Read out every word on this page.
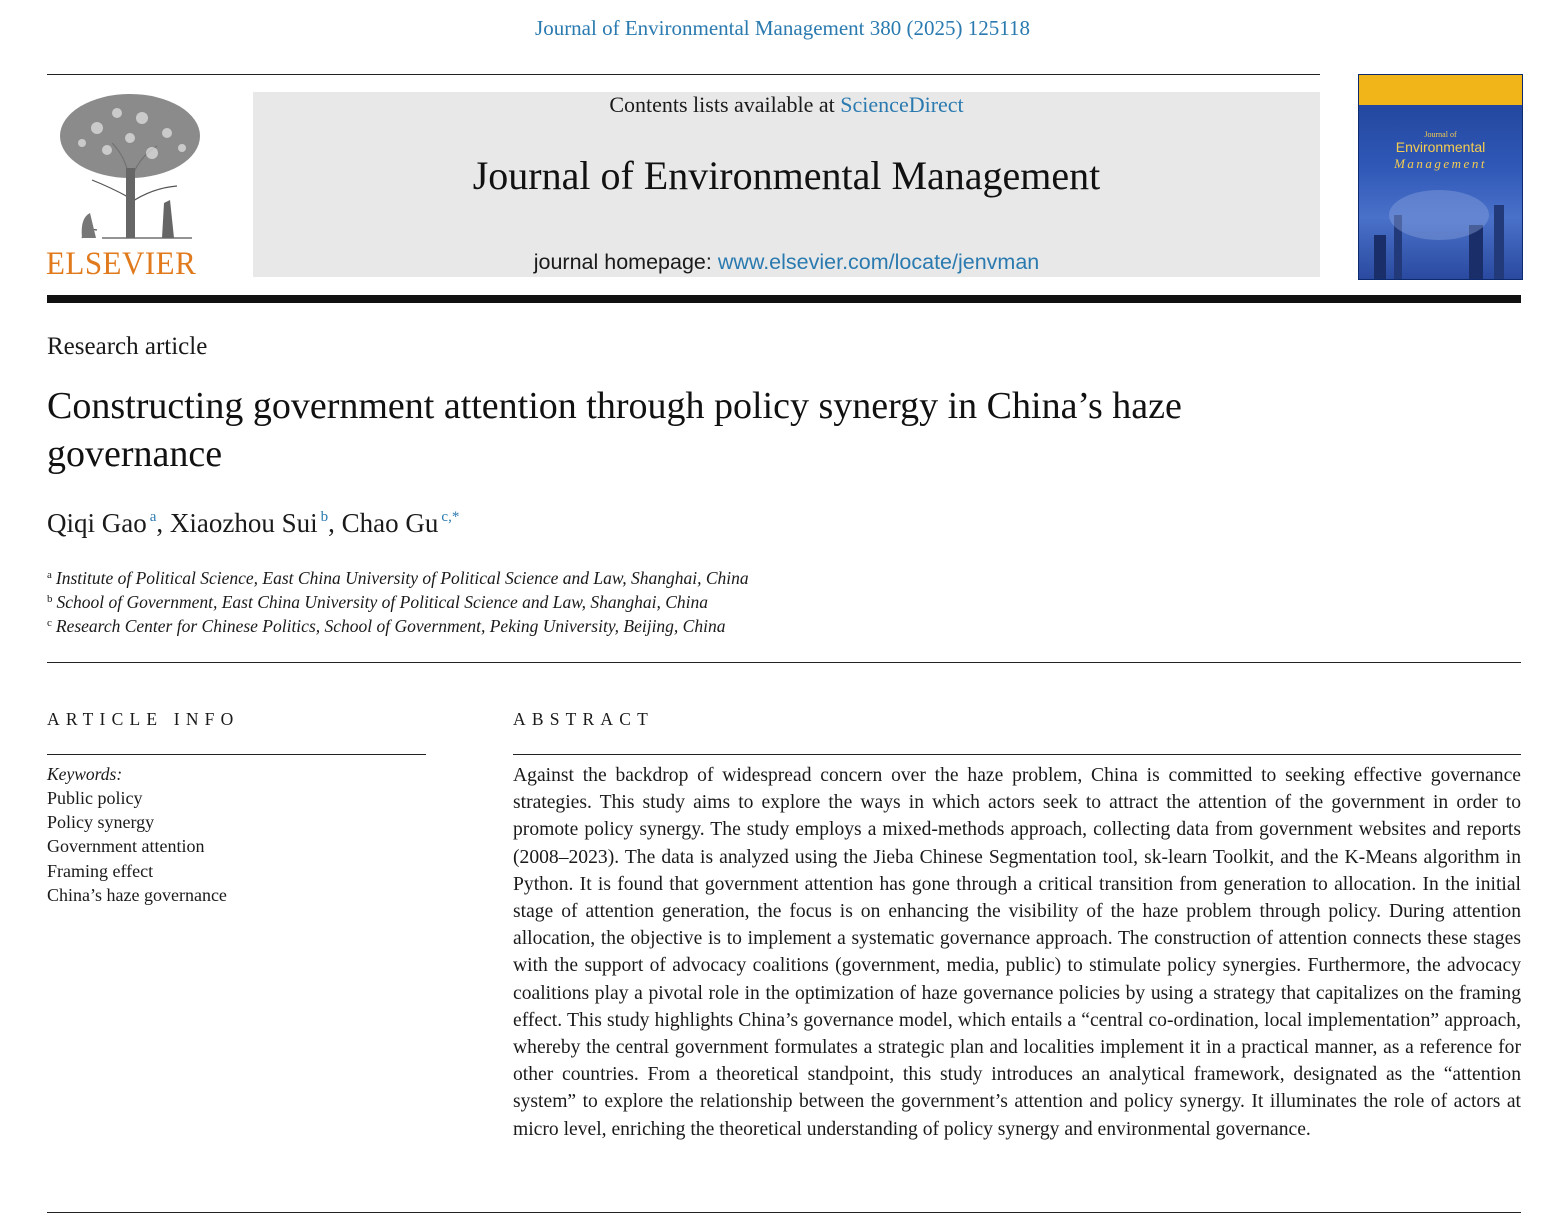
Journal of Environmental Management 380 (2025) 125118
ELSEVIER
Contents lists available at ScienceDirect
Journal of Environmental Management
journal homepage: www.elsevier.com/locate/jenvman
Journal of
Environmental
Management
Research article
Constructing government attention through policy synergy in China’s haze governance
Qiqi Gao $^a$, Xiaozhou Sui $^b$, Chao Gu $^{c,*}$
$^a$ Institute of Political Science, East China University of Political Science and Law, Shanghai, China
$^b$ School of Government, East China University of Political Science and Law, Shanghai, China
$^c$ Research Center for Chinese Politics, School of Government, Peking University, Beijing, China
ARTICLE INFO
Keywords:
Public policy
Policy synergy
Government attention
Framing effect
China’s haze governance
ABSTRACT
Against the backdrop of widespread concern over the haze problem, China is committed to seeking effective governance strategies. This study aims to explore the ways in which actors seek to attract the attention of the government in order to promote policy synergy. The study employs a mixed-methods approach, collecting data from government websites and reports (2008–2023). The data is analyzed using the Jieba Chinese Segmentation tool, sk-learn Toolkit, and the K-Means algorithm in Python. It is found that government attention has gone through a critical transition from generation to allocation. In the initial stage of attention generation, the focus is on enhancing the visibility of the haze problem through policy. During attention allocation, the objective is to implement a systematic governance approach. The construction of attention connects these stages with the support of advocacy coalitions (government, media, public) to stimulate policy synergies. Furthermore, the advocacy coalitions play a pivotal role in the optimization of haze governance policies by using a strategy that capitalizes on the framing effect. This study highlights China’s governance model, which entails a “central co-ordination, local implementation” approach, whereby the central government formulates a strategic plan and localities implement it in a practical manner, as a reference for other countries. From a theoretical standpoint, this study introduces an analytical framework, designated as the “attention system” to explore the relationship between the government’s attention and policy synergy. It illuminates the role of actors at micro level, enriching the theoretical understanding of policy synergy and environmental governance.
